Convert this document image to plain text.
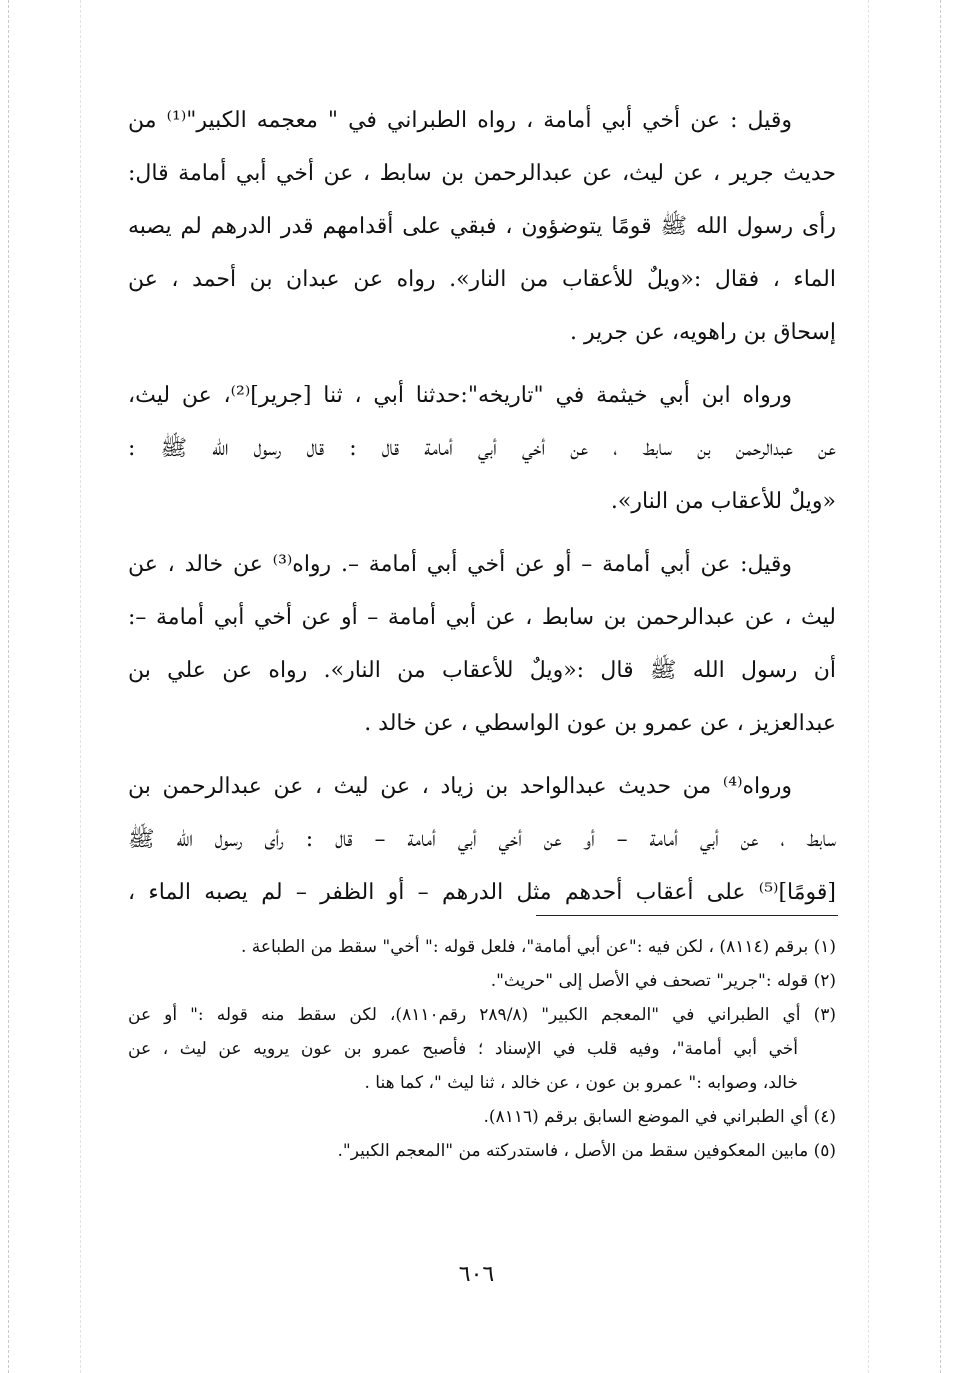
وقيل : عن أخي أبي أمامة ، رواه الطبراني في " معجمه الكبير"⁽¹⁾ من
حديث جرير ، عن ليث، عن عبدالرحمن بن سابط ، عن أخي أبي أمامة قال:
رأى رسول الله ﷺ قومًا يتوضؤون ، فبقي على أقدامهم قدر الدرهم لم يصبه
الماء ، فقال :«ويلٌ للأعقاب من النار». رواه عن عبدان بن أحمد ، عن
إسحاق بن راهويه، عن جرير .

ورواه ابن أبي خيثمة في "تاريخه":حدثنا أبي ، ثنا [جرير]⁽²⁾، عن ليث،
عن عبدالرحمن بن سابط ، عن أخي أبي أمامة قال : قال رسول الله ﷺ :
«ويلٌ للأعقاب من النار».

وقيل: عن أبي أمامة – أو عن أخي أبي أمامة –. رواه⁽³⁾ عن خالد ، عن
ليث ، عن عبدالرحمن بن سابط ، عن أبي أمامة – أو عن أخي أبي أمامة –:
أن رسول الله ﷺ قال :«ويلٌ للأعقاب من النار». رواه عن علي بن
عبدالعزيز ، عن عمرو بن عون الواسطي ، عن خالد .

ورواه⁽⁴⁾ من حديث عبدالواحد بن زياد ، عن ليث ، عن عبدالرحمن بن
سابط ، عن أبي أمامة – أو عن أخي أبي أمامة – قال : رأى رسول الله ﷺ
[قومًا]⁽⁵⁾ على أعقاب أحدهم مثل الدرهم – أو الظفر – لم يصبه الماء ،

(١) برقم (٨١١٤) ، لكن فيه :"عن أبي أمامة"، فلعل قوله :" أخي" سقط من الطباعة .
(٢) قوله :"جرير" تصحف في الأصل إلى "حريث".
(٣) أي الطبراني في "المعجم الكبير" (٢٨٩/٨ رقم٨١١٠)، لكن سقط منه قوله :" أو عن
أخي أبي أمامة"، وفيه قلب في الإسناد ؛ فأصبح عمرو بن عون يرويه عن ليث ، عن
خالد، وصوابه :" عمرو بن عون ، عن خالد ، ثنا ليث "، كما هنا .
(٤) أي الطبراني في الموضع السابق برقم (٨١١٦).
(٥) مابين المعكوفين سقط من الأصل ، فاستدركته من "المعجم الكبير".
٦٠٦
